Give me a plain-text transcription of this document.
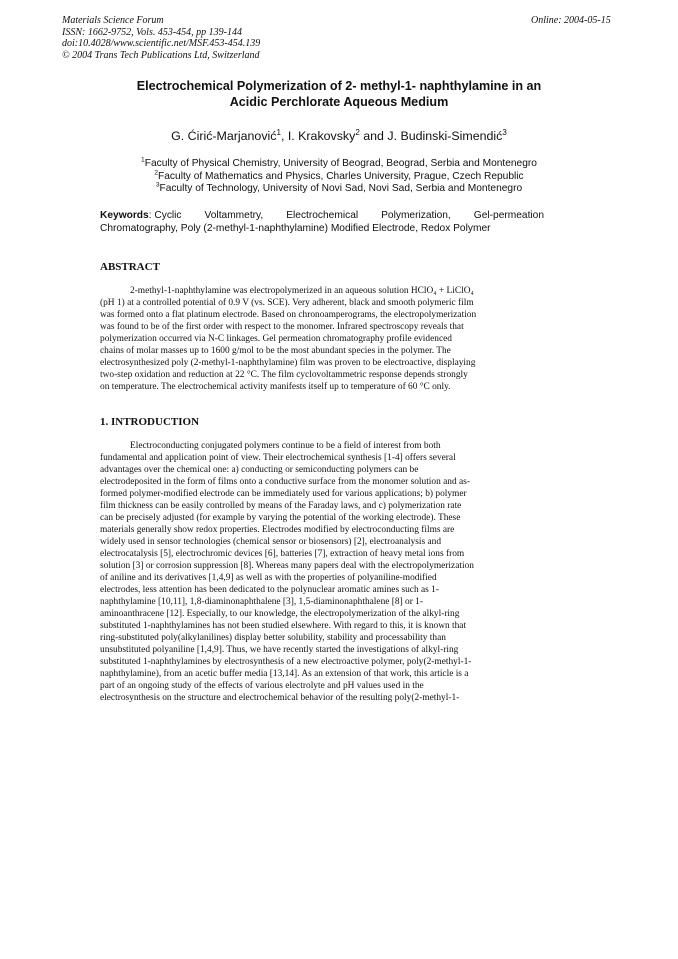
Materials Science Forum
ISSN: 1662-9752, Vols. 453-454, pp 139-144
doi:10.4028/www.scientific.net/MSF.453-454.139
© 2004 Trans Tech Publications Ltd, Switzerland
Online: 2004-05-15
Electrochemical Polymerization of 2- methyl-1- naphthylamine in an
Acidic Perchlorate Aqueous Medium
G. Ćirić-Marjanović$^1$, I. Krakovsky$^2$ and J. Budinski-Simendić$^3$
$^1$Faculty of Physical Chemistry, University of Beograd, Beograd, Serbia and Montenegro
$^2$Faculty of Mathematics and Physics, Charles University, Prague, Czech Republic
$^3$Faculty of Technology, University of Novi Sad, Novi Sad, Serbia and Montenegro
Keywords: Cyclic Voltammetry, Electrochemical Polymerization, Gel-permeation
Chromatography, Poly (2-methyl-1-naphthylamine) Modified Electrode, Redox Polymer
ABSTRACT
2-methyl-1-naphthylamine was electropolymerized in an aqueous solution HClO₄ + LiClO₄
(pH 1) at a controlled potential of 0.9 V (vs. SCE). Very adherent, black and smooth polymeric film
was formed onto a flat platinum electrode. Based on chronoamperograms, the electropolymerization
was found to be of the first order with respect to the monomer. Infrared spectroscopy reveals that
polymerization occurred via N-C linkages. Gel permeation chromatography profile evidenced
chains of molar masses up to 1600 g/mol to be the most abundant species in the polymer. The
electrosynthesized poly (2-methyl-1-naphthylamine) film was proven to be electroactive, displaying
two-step oxidation and reduction at 22 °C. The film cyclovoltammetric response depends strongly
on temperature. The electrochemical activity manifests itself up to temperature of 60 °C only.
1. INTRODUCTION
Electroconducting conjugated polymers continue to be a field of interest from both
fundamental and application point of view. Their electrochemical synthesis [1-4] offers several
advantages over the chemical one: a) conducting or semiconducting polymers can be
electrodeposited in the form of films onto a conductive surface from the monomer solution and as-
formed polymer-modified electrode can be immediately used for various applications; b) polymer
film thickness can be easily controlled by means of the Faraday laws, and c) polymerization rate
can be precisely adjusted (for example by varying the potential of the working electrode). These
materials generally show redox properties. Electrodes modified by electroconducting films are
widely used in sensor technologies (chemical sensor or biosensors) [2], electroanalysis and
electrocatalysis [5], electrochromic devices [6], batteries [7], extraction of heavy metal ions from
solution [3] or corrosion suppression [8]. Whereas many papers deal with the electropolymerization
of aniline and its derivatives [1,4,9] as well as with the properties of polyaniline-modified
electrodes, less attention has been dedicated to the polynuclear aromatic amines such as 1-
naphthylamine [10,11], 1,8-diaminonaphthalene [3], 1,5-diaminonaphthalene [8] or 1-
aminoanthracene [12]. Especially, to our knowledge, the electropolymerization of the alkyl-ring
substituted 1-naphthylamines has not been studied elsewhere. With regard to this, it is known that
ring-substituted poly(alkylanilines) display better solubility, stability and processability than
unsubstituted polyaniline [1,4,9]. Thus, we have recently started the investigations of alkyl-ring
substituted 1-naphthylamines by electrosynthesis of a new electroactive polymer, poly(2-methyl-1-
naphthylamine), from an acetic buffer media [13,14]. As an extension of that work, this article is a
part of an ongoing study of the effects of various electrolyte and pH values used in the
electrosynthesis on the structure and electrochemical behavior of the resulting poly(2-methyl-1-
